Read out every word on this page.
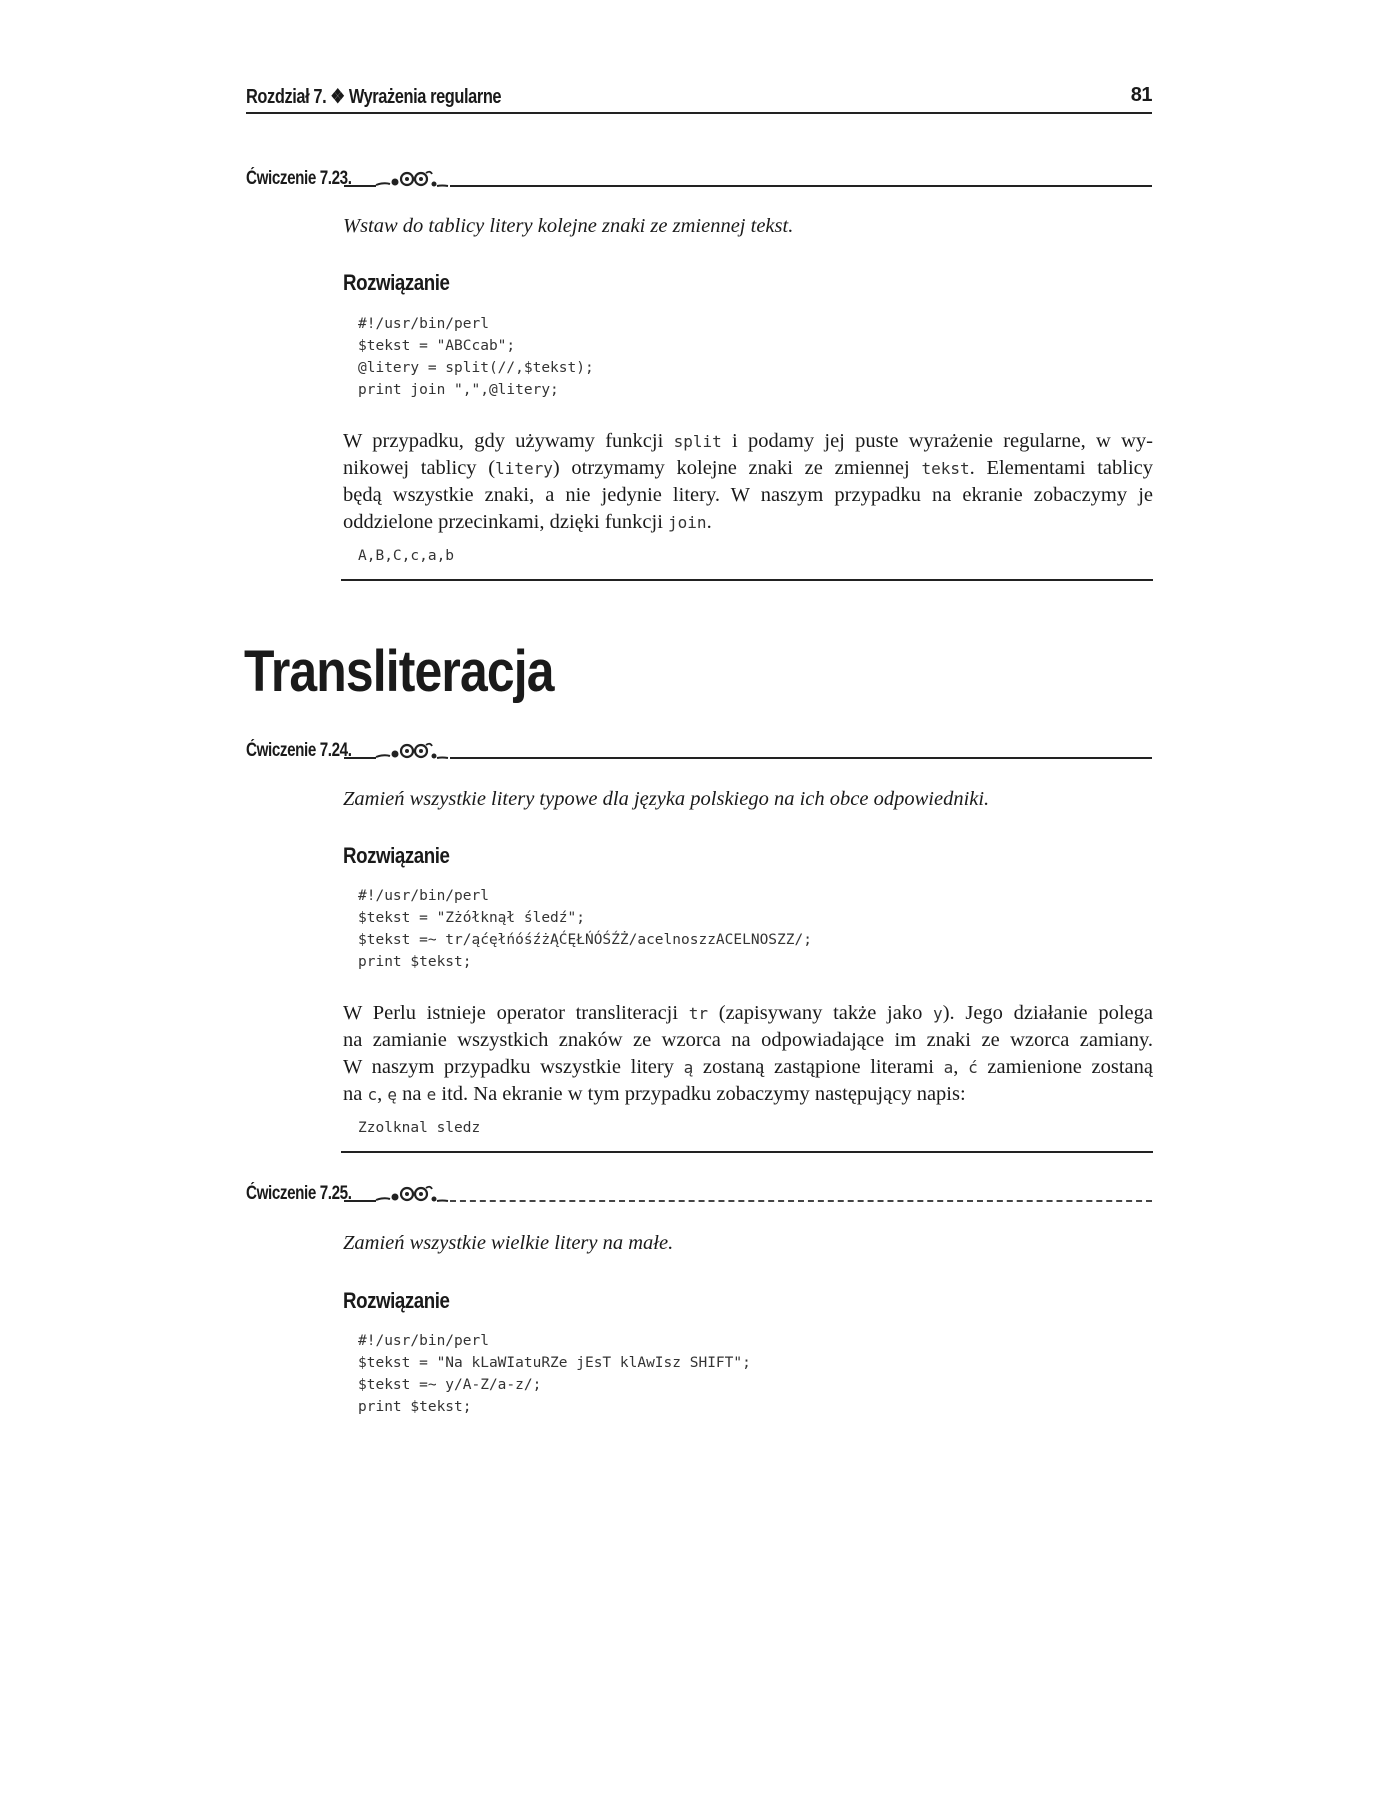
Rozdział 7. ❖ Wyrażenia regularne	81
Ćwiczenie 7.23.
Wstaw do tablicy litery kolejne znaki ze zmiennej tekst.
Rozwiązanie
#!/usr/bin/perl
$tekst = "ABCcab";
@litery = split(//,$tekst);
print join ",",@litery;
W przypadku, gdy używamy funkcji split i podamy jej puste wyrażenie regularne, w wy-
nikowej tablicy (litery) otrzymamy kolejne znaki ze zmiennej tekst. Elementami tablicy
będą wszystkie znaki, a nie jedynie litery. W naszym przypadku na ekranie zobaczymy je
oddzielone przecinkami, dzięki funkcji join.
A,B,C,c,a,b
Transliteracja
Ćwiczenie 7.24.
Zamień wszystkie litery typowe dla języka polskiego na ich obce odpowiedniki.
Rozwiązanie
#!/usr/bin/perl
$tekst = "Zżółknął śledź";
$tekst =~ tr/ąćęłńóśźżĄĆĘŁŃÓŚŹŻ/acelnoszzACELNOSZZ/;
print $tekst;
W Perlu istnieje operator transliteracji tr (zapisywany także jako y). Jego działanie polega
na zamianie wszystkich znaków ze wzorca na odpowiadające im znaki ze wzorca zamiany.
W naszym przypadku wszystkie litery ą zostaną zastąpione literami a, ć zamienione zostaną
na c, ę na e itd. Na ekranie w tym przypadku zobaczymy następujący napis:
Zzolknal sledz
Ćwiczenie 7.25.
Zamień wszystkie wielkie litery na małe.
Rozwiązanie
#!/usr/bin/perl
$tekst = "Na kLaWIatuRZe jEsT klAwIsz SHIFT";
$tekst =~ y/A-Z/a-z/;
print $tekst;
